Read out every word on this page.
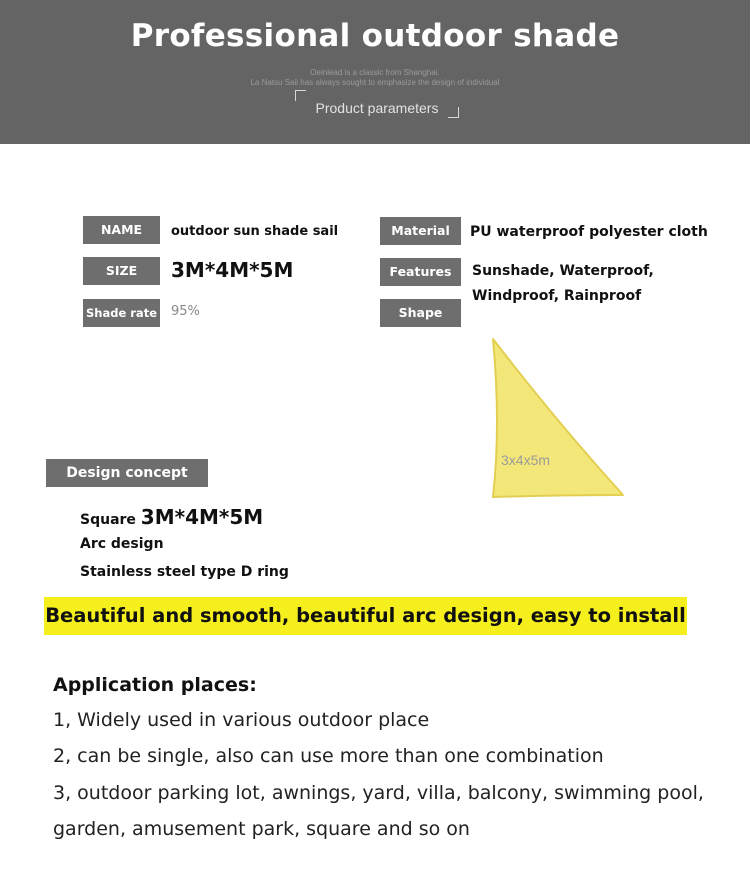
Professional outdoor shade
Oeinlead is a classic from Shanghai.
La Natsu Sail has always sought to emphasize the design of individual
Product parameters
NAME	outdoor sun shade sail
SIZE	3M*4M*5M
Shade rate 95%
Material	PU waterproof polyester cloth
Features	Sunshade, Waterproof,
Windproof, Rainproof
Shape
3x4x5m
Design concept
Square 3M*4M*5M
Arc design
Stainless steel type D ring
Beautiful and smooth, beautiful arc design, easy to install
Application places:
1, Widely used in various outdoor place
2, can be single, also can use more than one combination
3, outdoor parking lot, awnings, yard, villa, balcony, swimming pool,
garden, amusement park, square and so on
